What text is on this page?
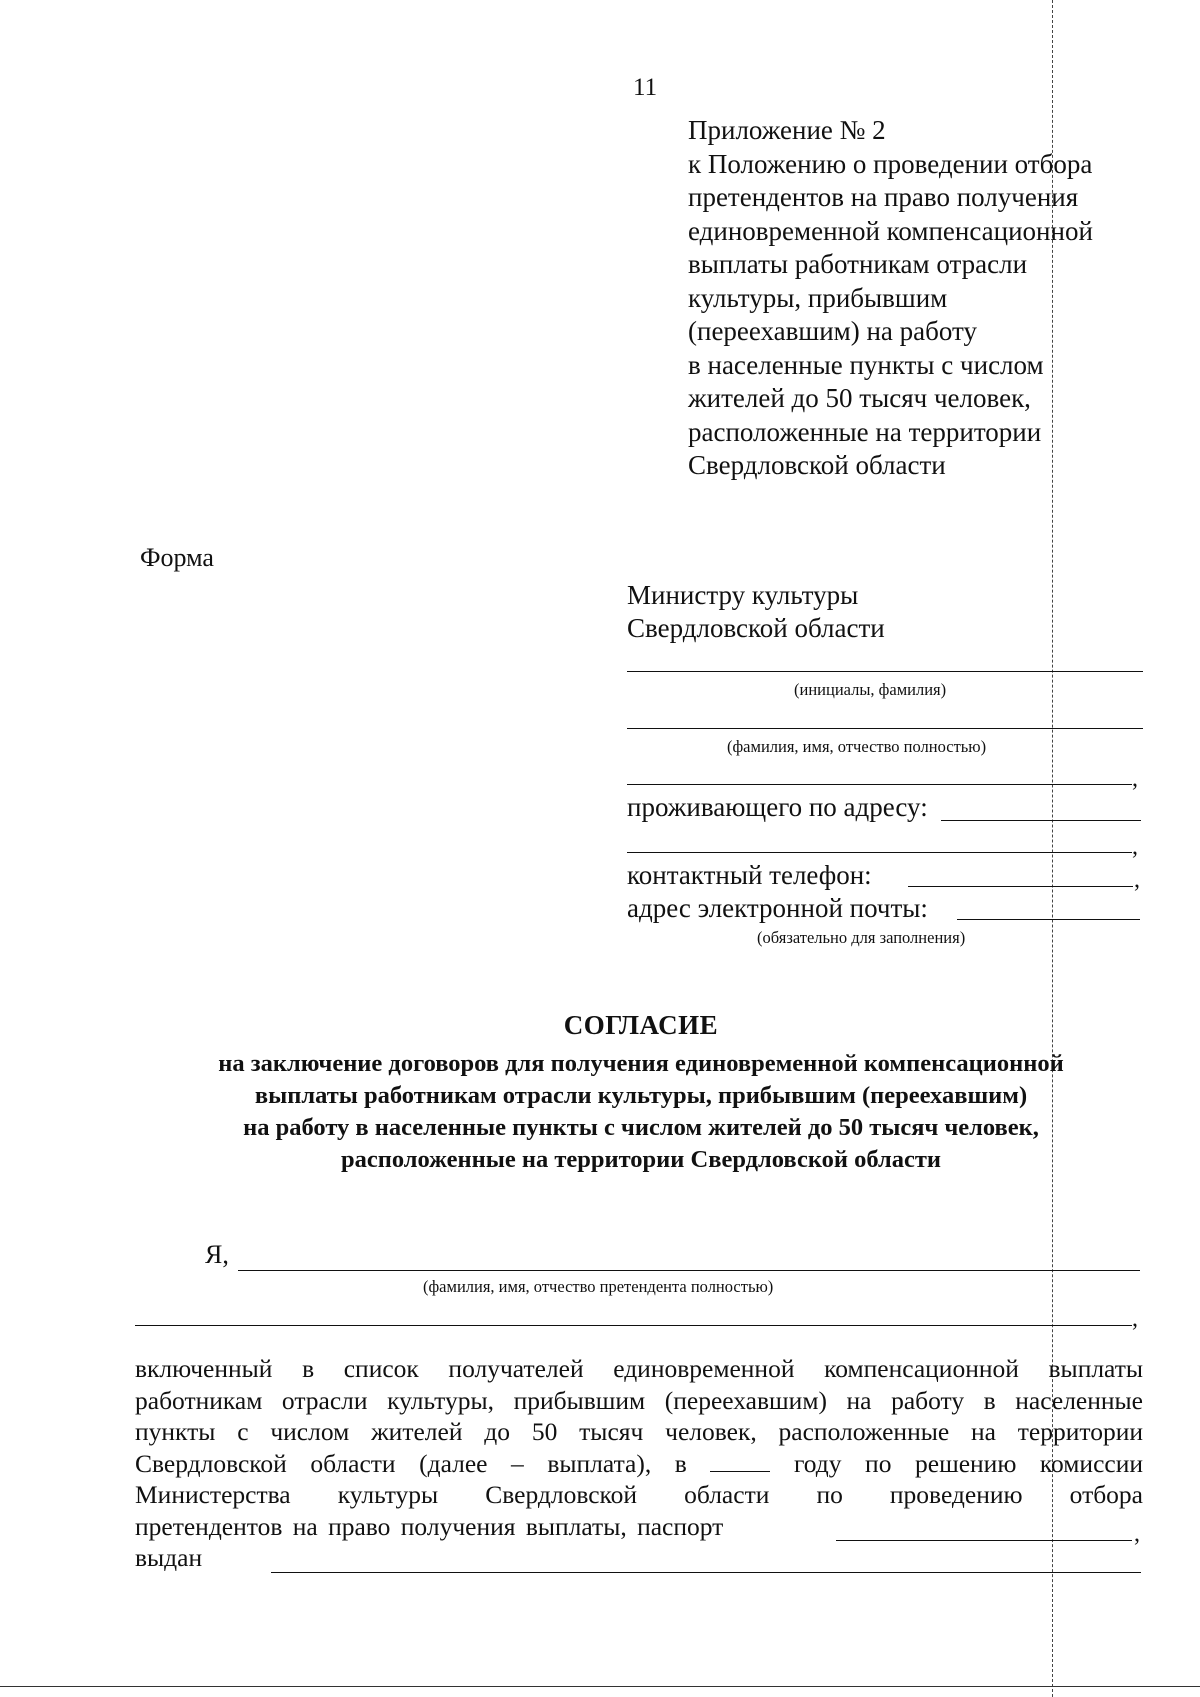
11
Приложение № 2
к Положению о проведении отбора
претендентов на право получения
единовременной компенсационной
выплаты работникам отрасли
культуры, прибывшим
(переехавшим) на работу
в населенные пункты с числом
жителей до 50 тысяч человек,
расположенные на территории
Свердловской области
Форма
Министру культуры
Свердловской области
(инициалы, фамилия)
(фамилия, имя, отчество полностью)
,
проживающего по адресу:
,
контактный телефон:	,
адрес электронной почты:
(обязательно для заполнения)
СОГЛАСИЕ
на заключение договоров для получения единовременной компенсационной
выплаты работникам отрасли культуры, прибывшим (переехавшим)
на работу в населенные пункты с числом жителей до 50 тысяч человек,
расположенные на территории Свердловской области
Я,
(фамилия, имя, отчество претендента полностью)
,
включенный в список получателей единовременной компенсационной выплаты
работникам отрасли культуры, прибывшим (переехавшим) на работу в населенные
пункты с числом жителей до 50 тысяч человек, расположенные на территории
Свердловской области (далее – выплата), в	году по решению комиссии
Министерства культуры Свердловской области по проведению отбора
претендентов на право получения выплаты, паспорт
выдан
,
